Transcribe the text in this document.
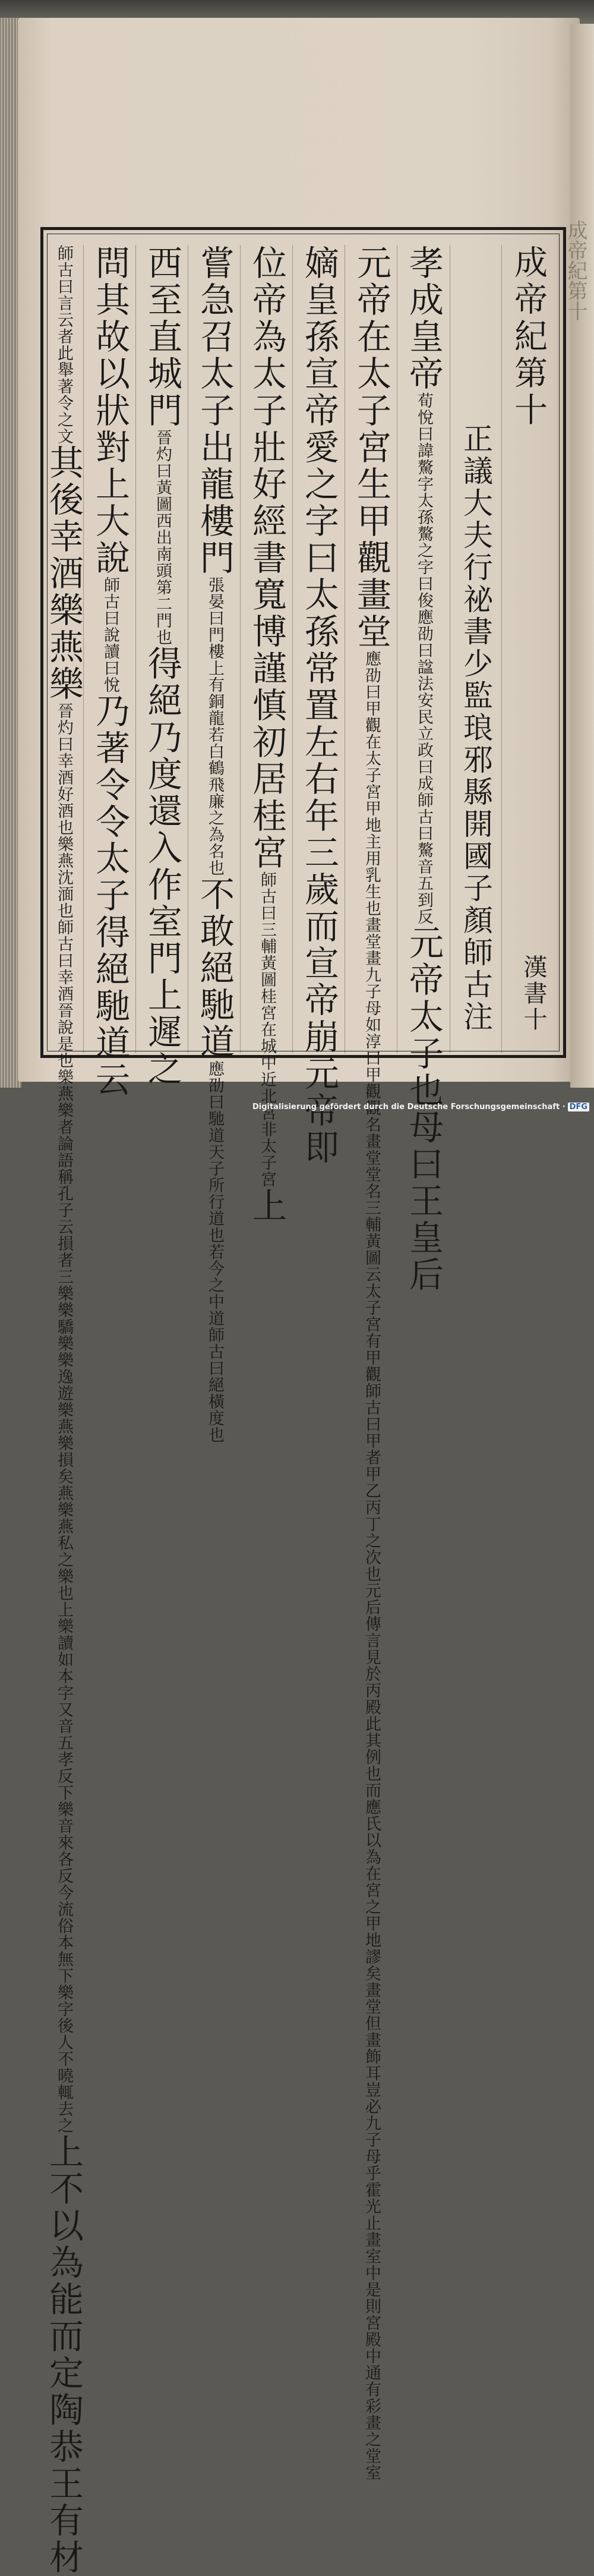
成帝紀第十
正議大夫行祕書少監琅邪縣開國子顏師古注
孝成皇帝荀悅曰諱驁字太孫驁之字曰俊應劭曰諡法安民立政曰成師古曰驁音五到反元帝太子也母曰王皇后
元帝在太子宮生甲觀畫堂應劭曰甲觀在太子宮甲地主用乳生也畫堂畫九子母如淳曰甲觀觀名畫堂堂名三輔黃圖云太子宮有甲觀師古曰甲者甲乙丙丁之次也元后傳言見於丙殿此其例也而應氏以為在宮之甲地謬矣畫堂但畫飾耳豈必九子母乎霍光止畫室中是則宮殿中通有彩畫之堂室
嫡皇孫宣帝愛之字曰太孫常置左右年三歲而宣帝崩元帝即
位帝為太子壯好經書寬博謹慎初居桂宮師古曰三輔黃圖桂宮在城中近北宮非太子宮上
嘗急召太子出龍樓門張晏曰門樓上有銅龍若白鶴飛廉之為名也不敢絕馳道應劭曰馳道天子所行道也若今之中道師古曰絕橫度也
西至直城門晉灼曰黃圖西出南頭第二門也得絕乃度還入作室門上遲之
問其故以狀對上大說師古曰說讀曰悅乃著令令太子得絕馳道云
師古曰言云者此舉著令之文其後幸酒樂燕樂晉灼曰幸酒好酒也樂燕沈湎也師古曰幸酒晉說是也樂燕樂者論語稱孔子云損者三樂樂驕樂樂逸遊樂燕樂損矣燕樂燕私之樂也上樂讀如本字又音五孝反下樂音來各反今流俗本無下樂字後人不曉輒去之上不以為能而定陶恭王有材
漢書十
成帝紀第十
Digitalisierung gefördert durch die Deutsche Forschungsgemeinschaft · DFG
